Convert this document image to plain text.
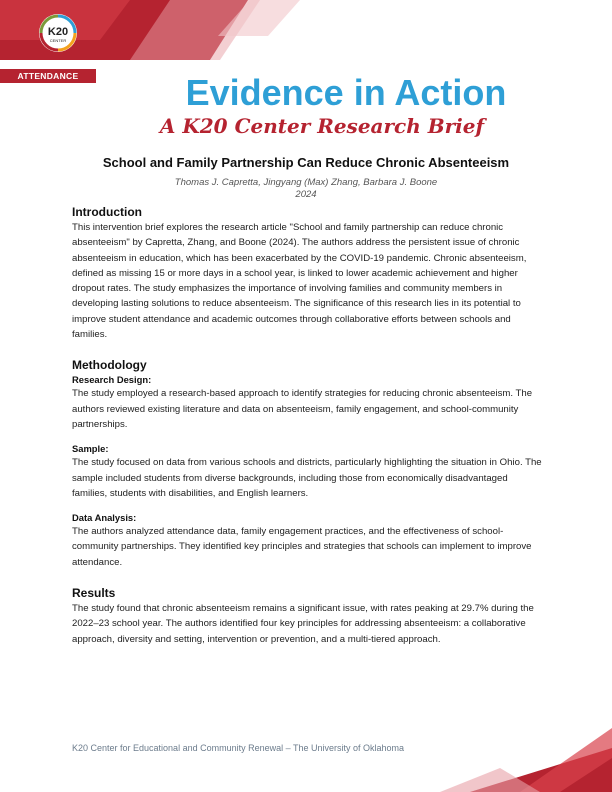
K20
CENTER
ATTENDANCE	Evidence in Action
A K20 Center Research Brief
School and Family Partnership Can Reduce Chronic Absenteeism
Thomas J. Capretta, Jingyang (Max) Zhang, Barbara J. Boone
2024
Introduction

This intervention brief explores the research article "School and family partnership can reduce chronic absenteeism" by Capretta, Zhang, and Boone (2024). The authors address the persistent issue of chronic absenteeism in education, which has been exacerbated by the COVID-19 pandemic. Chronic absenteeism, defined as missing 15 or more days in a school year, is linked to lower academic achievement and higher dropout rates. The study emphasizes the importance of involving families and community members in developing lasting solutions to reduce absenteeism. The significance of this research lies in its potential to improve student attendance and academic outcomes through collaborative efforts between schools and families.

Methodology
Research Design:

The study employed a research-based approach to identify strategies for reducing chronic absenteeism. The authors reviewed existing literature and data on absenteeism, family engagement, and school-community partnerships.

Sample:

The study focused on data from various schools and districts, particularly highlighting the situation in Ohio. The sample included students from diverse backgrounds, including those from economically disadvantaged families, students with disabilities, and English learners.

Data Analysis:

The authors analyzed attendance data, family engagement practices, and the effectiveness of school-community partnerships. They identified key principles and strategies that schools can implement to improve attendance.

Results

The study found that chronic absenteeism remains a significant issue, with rates peaking at 29.7% during the 2022–23 school year. The authors identified four key principles for addressing absenteeism: a collaborative approach, diversity and setting, intervention or prevention, and a multi-tiered approach.

K20 Center for Educational and Community Renewal – The University of Oklahoma
